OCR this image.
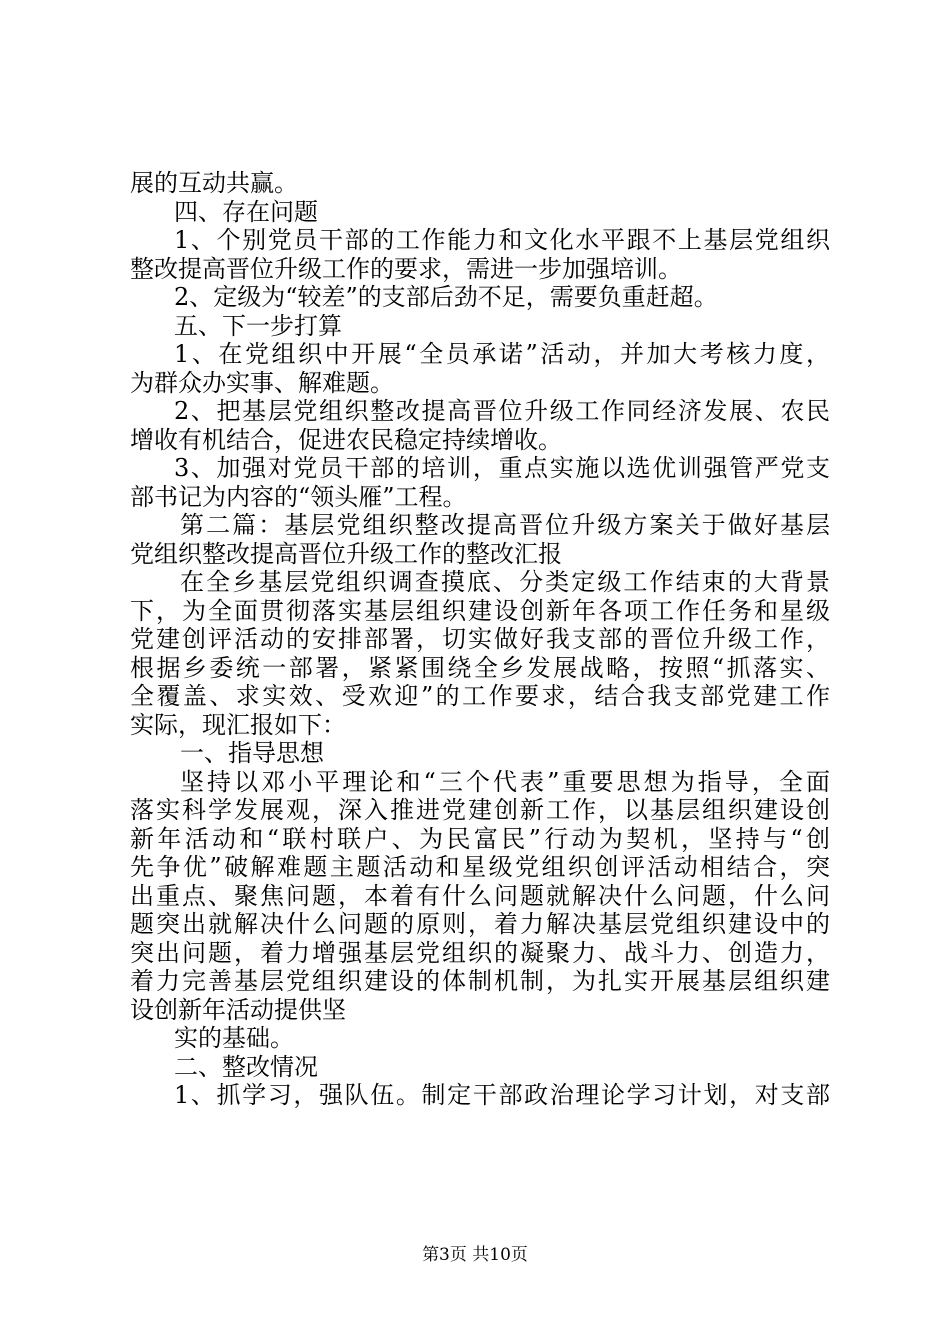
展的互动共赢。
四、存在问题
1、个别党员干部的工作能力和文化水平跟不上基层党组织
整改提高晋位升级工作的要求，需进一步加强培训。
2、定级为“较差”的支部后劲不足，需要负重赶超。
五、下一步打算
1、在党组织中开展“全员承诺”活动，并加大考核力度，
为群众办实事、解难题。
2、把基层党组织整改提高晋位升级工作同经济发展、农民
增收有机结合，促进农民稳定持续增收。
3、加强对党员干部的培训，重点实施以选优训强管严党支
部书记为内容的“领头雁”工程。
第二篇：基层党组织整改提高晋位升级方案关于做好基层
党组织整改提高晋位升级工作的整改汇报
在全乡基层党组织调查摸底、分类定级工作结束的大背景
下，为全面贯彻落实基层组织建设创新年各项工作任务和星级
党建创评活动的安排部署，切实做好我支部的晋位升级工作，
根据乡委统一部署，紧紧围绕全乡发展战略，按照“抓落实、
全覆盖、求实效、受欢迎”的工作要求，结合我支部党建工作
实际，现汇报如下：
一、指导思想
坚持以邓小平理论和“三个代表”重要思想为指导，全面
落实科学发展观，深入推进党建创新工作，以基层组织建设创
新年活动和“联村联户、为民富民”行动为契机，坚持与“创
先争优”破解难题主题活动和星级党组织创评活动相结合，突
出重点、聚焦问题，本着有什么问题就解决什么问题，什么问
题突出就解决什么问题的原则，着力解决基层党组织建设中的
突出问题，着力增强基层党组织的凝聚力、战斗力、创造力，
着力完善基层党组织建设的体制机制，为扎实开展基层组织建
设创新年活动提供坚
实的基础。
二、整改情况
1、抓学习，强队伍。制定干部政治理论学习计划，对支部
第3页 共10页
